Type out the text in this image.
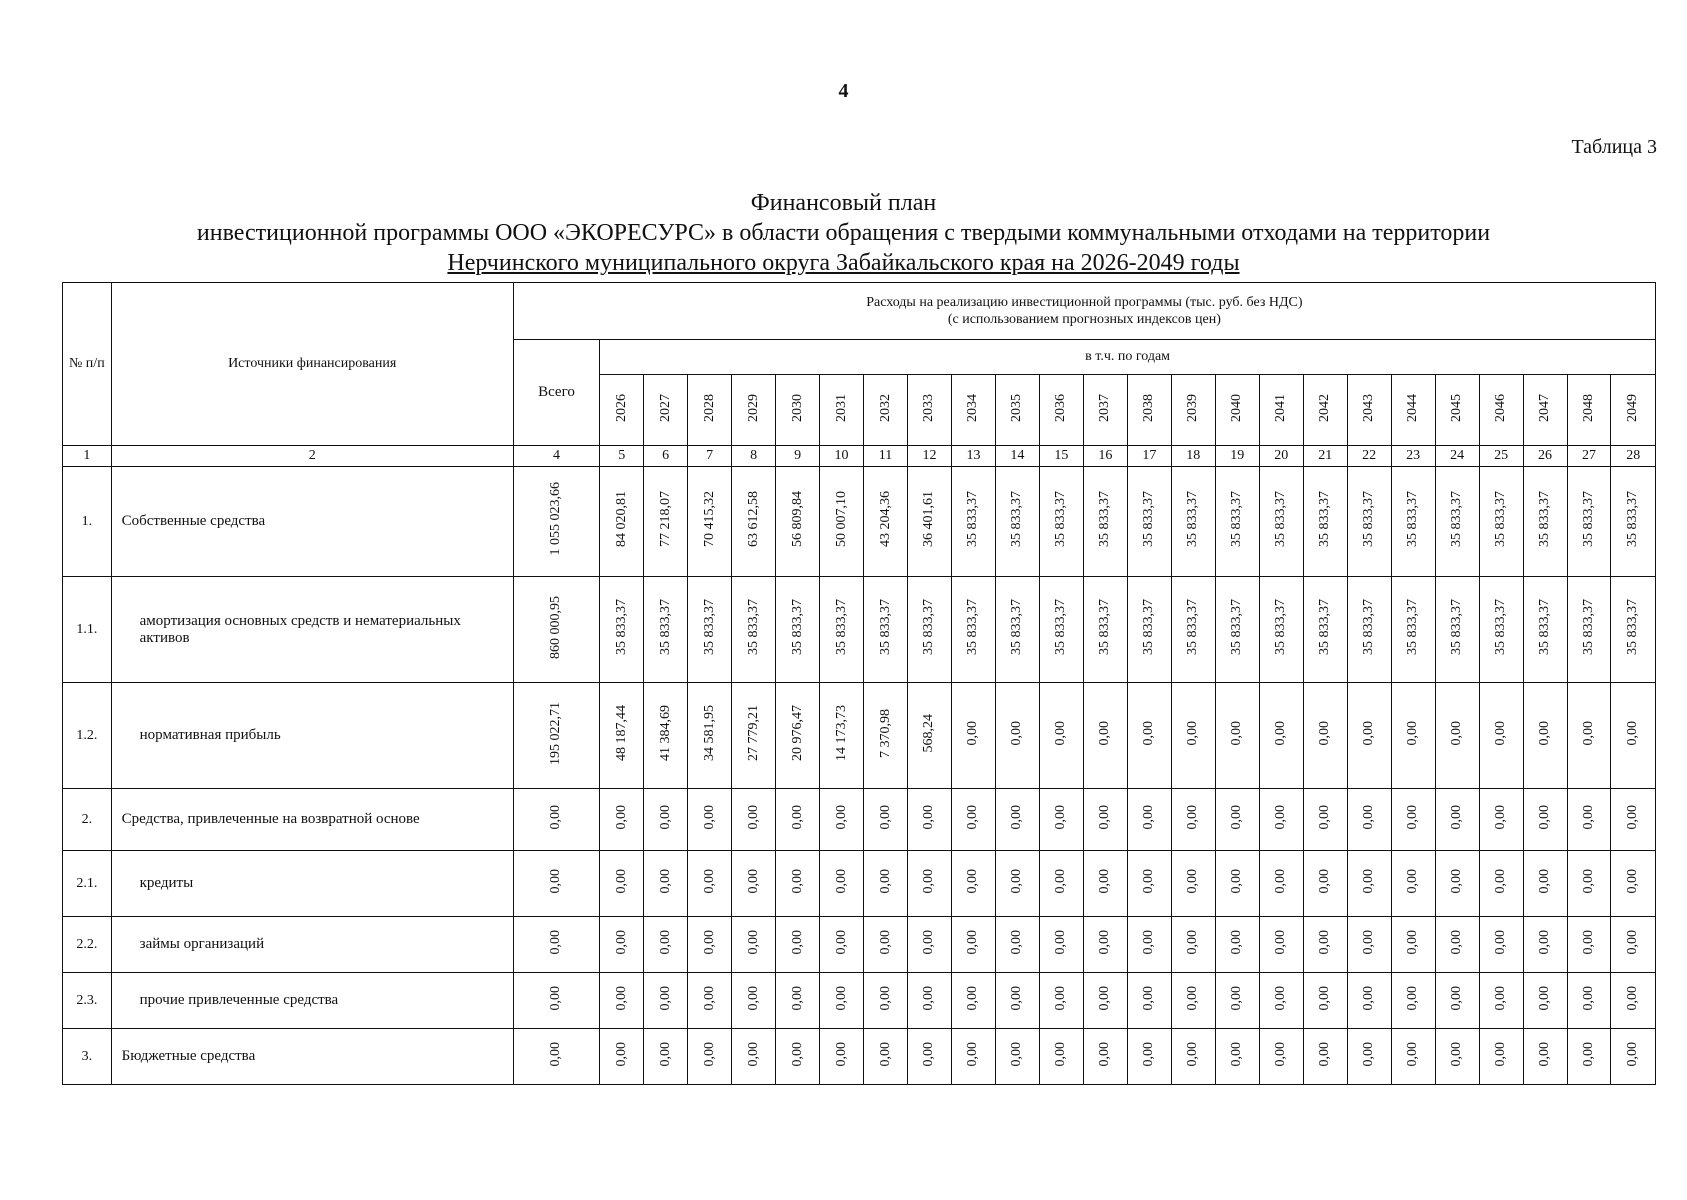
4
Таблица 3
Финансовый план
инвестиционной программы ООО «ЭКОРЕСУРС» в области обращения с твердыми коммунальными отходами на территории
Нерчинского муниципального округа Забайкальского края на 2026-2049 годы
№ п/п	Источники финансирования	Расходы на реализацию инвестиционной программы (тыс. руб. без НДС)
(с использованием прогнозных индексов цен)																								

		Всего	в т.ч. по годам																							
			2026	2027	2028	2029	2030	2031	2032	2033	2034	2035	2036	2037	2038	2039	2040	2041	2042	2043	2044	2045	2046	2047	2048	2049
1	2	4	5	6	7	8	9	10	11	12	13	14	15	16	17	18	19	20	21	22	23	24	25	26	27	28
1.	Собственные средства	1 055 023,66	84 020,81	77 218,07	70 415,32	63 612,58	56 809,84	50 007,10	43 204,36	36 401,61	35 833,37	35 833,37	35 833,37	35 833,37	35 833,37	35 833,37	35 833,37	35 833,37	35 833,37	35 833,37	35 833,37	35 833,37	35 833,37	35 833,37	35 833,37	35 833,37
1.1.	амортизация основных средств и нематериальных активов	860 000,95	35 833,37	35 833,37	35 833,37	35 833,37	35 833,37	35 833,37	35 833,37	35 833,37	35 833,37	35 833,37	35 833,37	35 833,37	35 833,37	35 833,37	35 833,37	35 833,37	35 833,37	35 833,37	35 833,37	35 833,37	35 833,37	35 833,37	35 833,37	35 833,37
1.2.	нормативная прибыль	195 022,71	48 187,44	41 384,69	34 581,95	27 779,21	20 976,47	14 173,73	7 370,98	568,24	0,00	0,00	0,00	0,00	0,00	0,00	0,00	0,00	0,00	0,00	0,00	0,00	0,00	0,00	0,00	0,00
2.	Средства, привлеченные на возвратной основе	0,00	0,00	0,00	0,00	0,00	0,00	0,00	0,00	0,00	0,00	0,00	0,00	0,00	0,00	0,00	0,00	0,00	0,00	0,00	0,00	0,00	0,00	0,00	0,00	0,00
2.1.	кредиты	0,00	0,00	0,00	0,00	0,00	0,00	0,00	0,00	0,00	0,00	0,00	0,00	0,00	0,00	0,00	0,00	0,00	0,00	0,00	0,00	0,00	0,00	0,00	0,00	0,00
2.2.	займы организаций	0,00	0,00	0,00	0,00	0,00	0,00	0,00	0,00	0,00	0,00	0,00	0,00	0,00	0,00	0,00	0,00	0,00	0,00	0,00	0,00	0,00	0,00	0,00	0,00	0,00
2.3.	прочие привлеченные средства	0,00	0,00	0,00	0,00	0,00	0,00	0,00	0,00	0,00	0,00	0,00	0,00	0,00	0,00	0,00	0,00	0,00	0,00	0,00	0,00	0,00	0,00	0,00	0,00	0,00
3.	Бюджетные средства	0,00	0,00	0,00	0,00	0,00	0,00	0,00	0,00	0,00	0,00	0,00	0,00	0,00	0,00	0,00	0,00	0,00	0,00	0,00	0,00	0,00	0,00	0,00	0,00	0,00
